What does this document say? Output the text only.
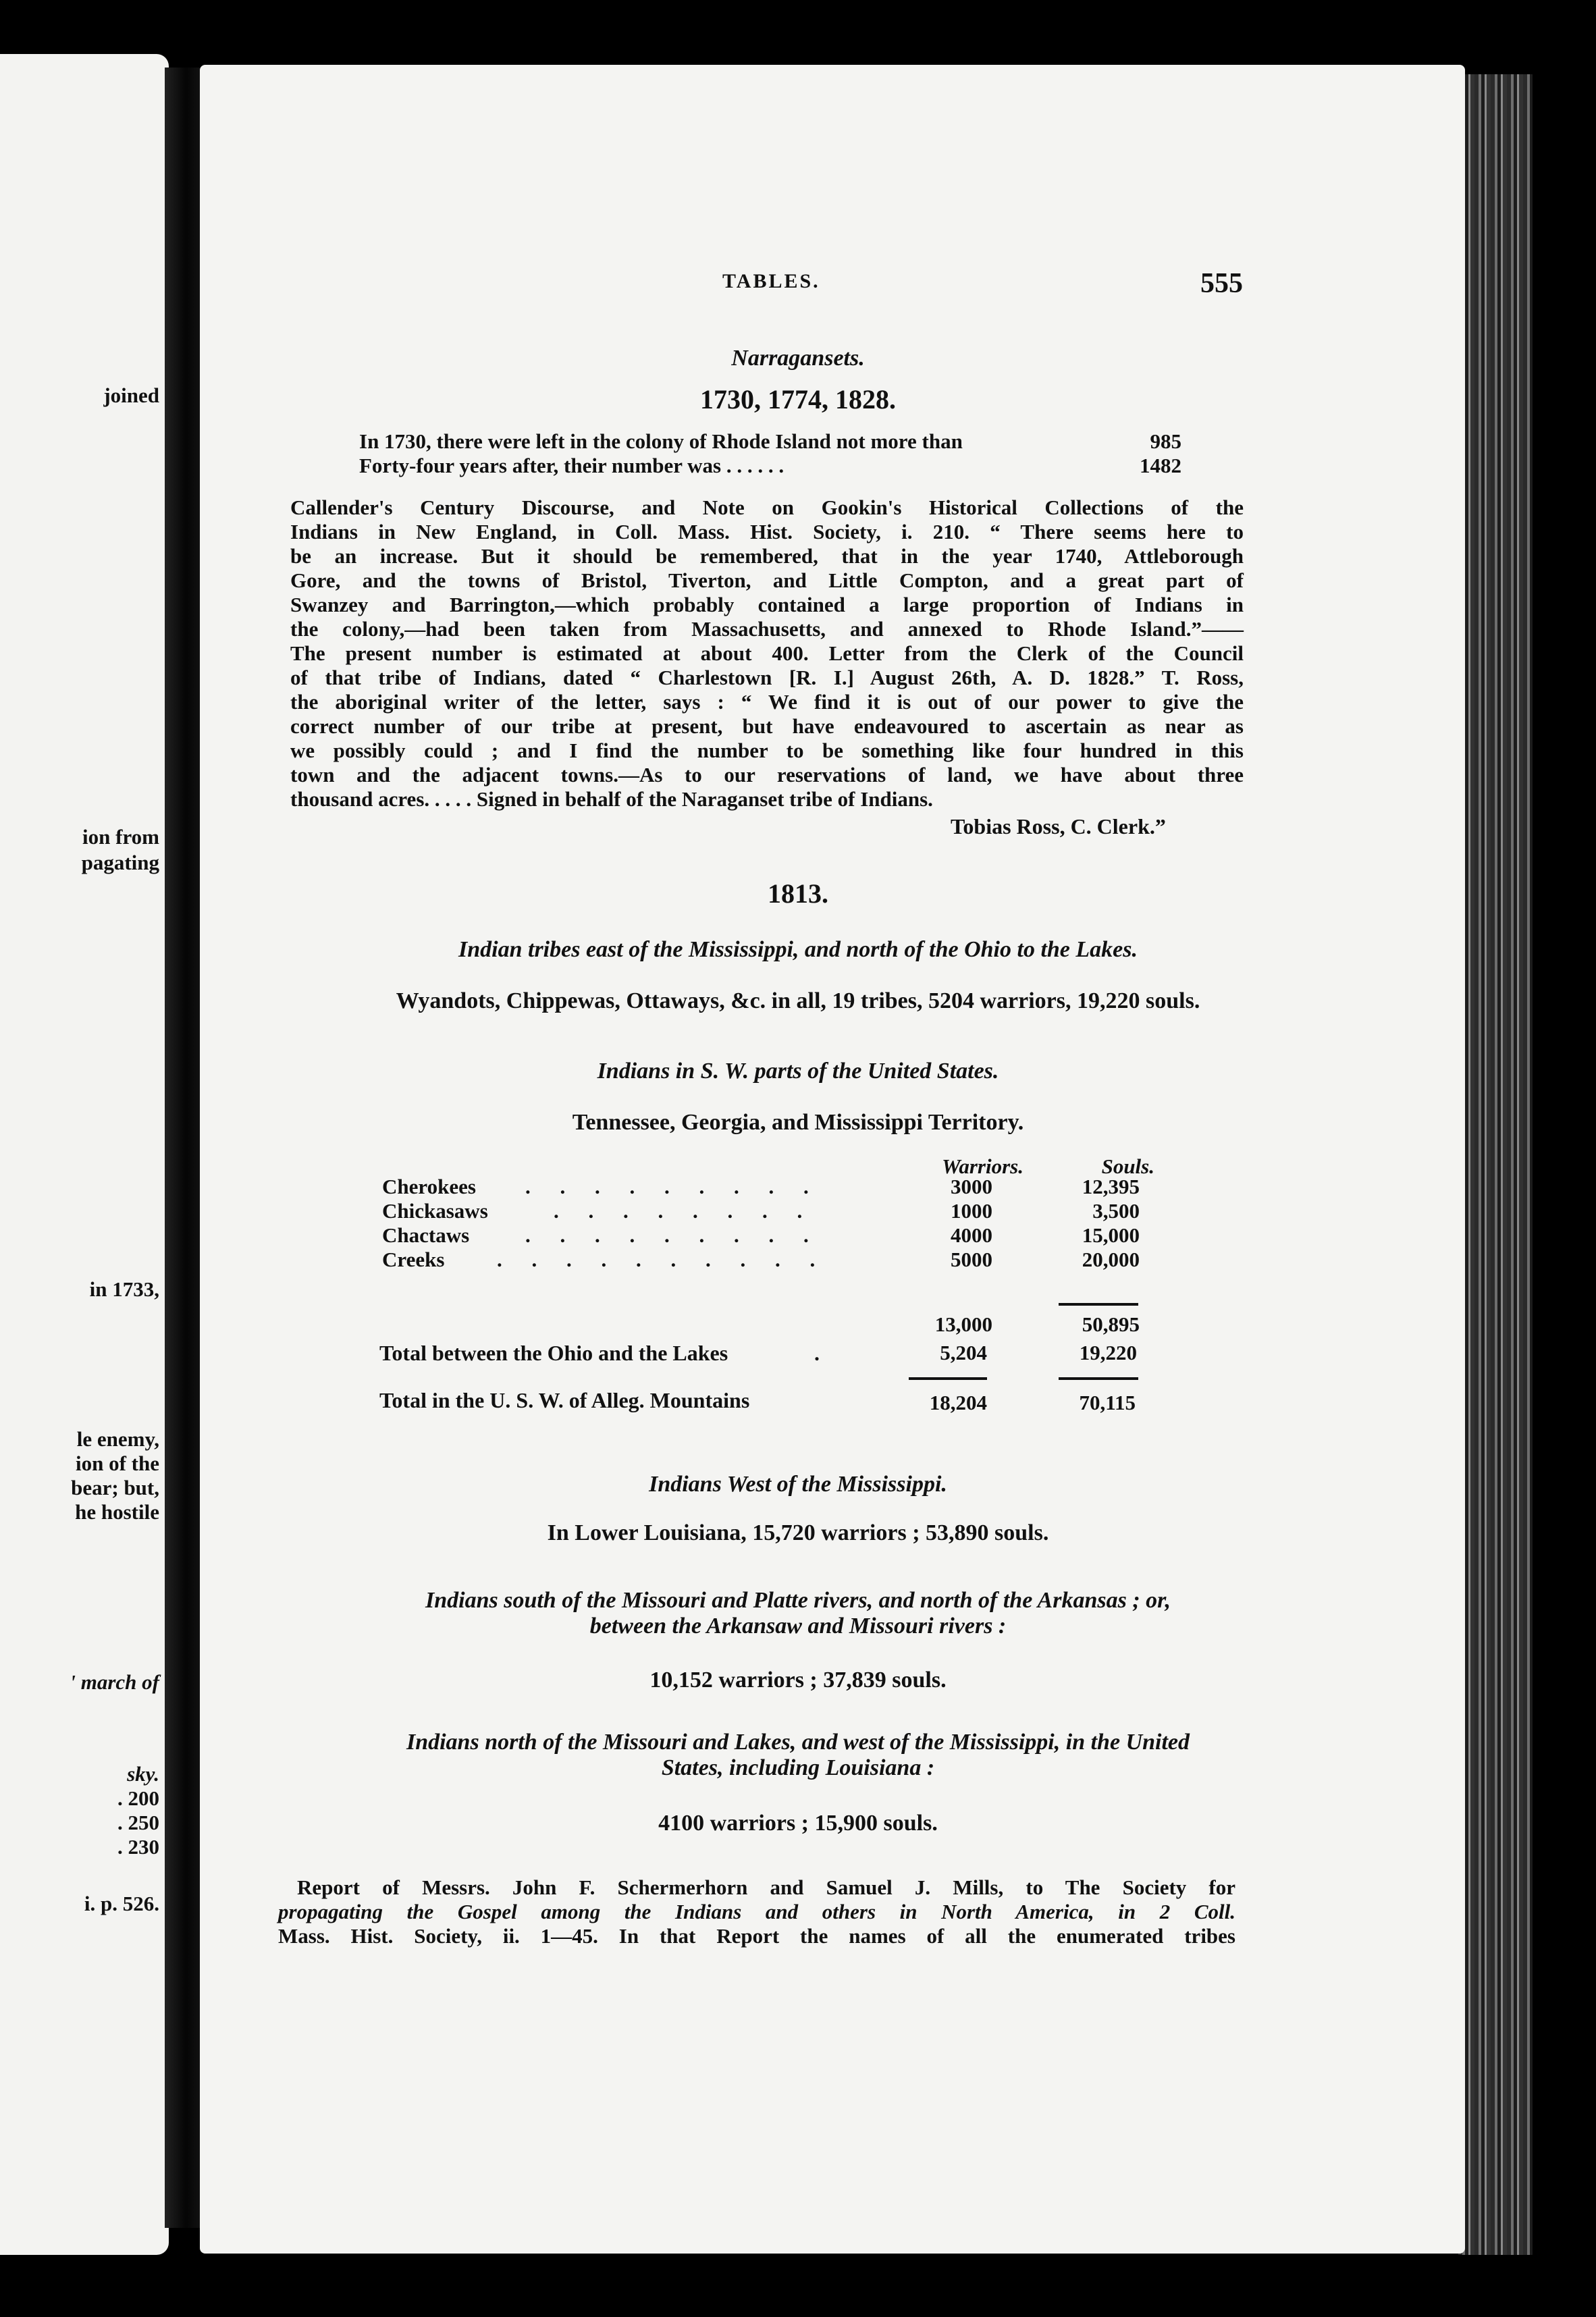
joined
ion from
pagating
in 1733,
le enemy,
ion of the
bear; but,
he hostile
' march of
sky.
. 200
. 250
. 230
i. p. 526.
TABLES.	555
Narragansets.
1730, 1774, 1828.
In 1730, there were left in the colony of Rhode Island not more than	985
Forty-four years after, their number was . . . . . .	1482
Callender's Century Discourse, and Note on Gookin's Historical Collections of the
Indians in New England, in Coll. Mass. Hist. Society, i. 210. “ There seems here to
be an increase. But it should be remembered, that in the year 1740, Attleborough
Gore, and the towns of Bristol, Tiverton, and Little Compton, and a great part of
Swanzey and Barrington,—which probably contained a large proportion of Indians in
the colony,—had been taken from Massachusetts, and annexed to Rhode Island.”——
The present number is estimated at about 400. Letter from the Clerk of the Council
of that tribe of Indians, dated “ Charlestown [R. I.] August 26th, A. D. 1828.” T. Ross,
the aboriginal writer of the letter, says : “ We find it is out of our power to give the
correct number of our tribe at present, but have endeavoured to ascertain as near as
we possibly could ; and I find the number to be something like four hundred in this
town and the adjacent towns.—As to our reservations of land, we have about three
thousand acres. . . . . Signed in behalf of the Naraganset tribe of Indians.
Tobias Ross, C. Clerk.”
1813.
Indian tribes east of the Mississippi, and north of the Ohio to the Lakes.
Wyandots, Chippewas, Ottaways, &c. in all, 19 tribes, 5204 warriors, 19,220 souls.
Indians in S. W. parts of the United States.
Tennessee, Georgia, and Mississippi Territory.
Warriors.	Souls.
Cherokees . . . . . . . . .	3000	12,395
Chickasaws	. . . . . . . .	1000	3,500
Chactaws	. . . . . . . . .	4000	15,000
Creeks	. . . . . . . . . .	5000	20,000
13,000	50,895
Total between the Ohio and the Lakes	.	5,204	19,220
Total in the U. S. W. of Alleg. Mountains	18,204	70,115
Indians West of the Mississippi.
In Lower Louisiana, 15,720 warriors ; 53,890 souls.
Indians south of the Missouri and Platte rivers, and north of the Arkansas ; or,
between the Arkansaw and Missouri rivers :
10,152 warriors ; 37,839 souls.
Indians north of the Missouri and Lakes, and west of the Mississippi, in the United
States, including Louisiana :
4100 warriors ; 15,900 souls.
Report of Messrs. John F. Schermerhorn and Samuel J. Mills, to The Society for
propagating the Gospel among the Indians and others in North America, in 2 Coll.
Mass. Hist. Society, ii. 1—45. In that Report the names of all the enumerated tribes
